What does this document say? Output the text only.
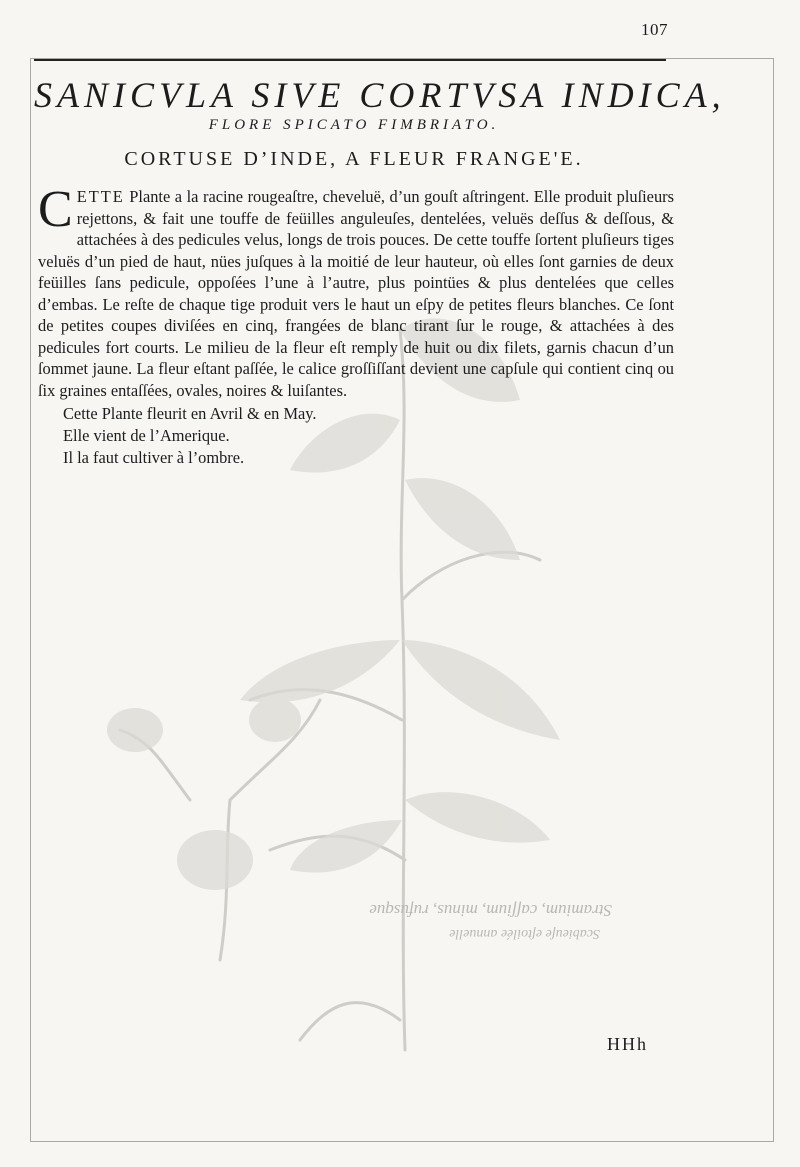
Stramium, caſſium, minus, rufusque
Scabieuſe eſtoilée annuelle
107
SANICVLA SIVE CORTVSA INDICA,
FLORE SPICATO FIMBRIATO.
CORTUSE D’INDE, A FLEUR FRANGE'E.

CETTE Plante a la racine rougeaſtre, cheveluë, d’un gouſt aſtringent. Elle produit pluſieurs rejettons, & fait une touffe de feüilles anguleuſes, dentelées, veluës deſſus & deſſous, & attachées à des pedicules velus, longs de trois pouces. De cette touffe ſortent pluſieurs tiges veluës d’un pied de haut, nües juſques à la moitié de leur hauteur, où elles ſont garnies de deux feüilles ſans pedicule, oppoſées l’une à l’autre, plus pointües & plus dentelées que celles d’embas. Le reſte de chaque tige produit vers le haut un eſpy de petites fleurs blanches. Ce ſont de petites coupes diviſées en cinq, frangées de blanc tirant ſur le rouge, & attachées à des pedicules fort courts. Le milieu de la fleur eſt remply de huit ou dix filets, garnis chacun d’un ſommet jaune. La fleur eſtant paſſée, le calice groſſiſſant devient une capſule qui contient cinq ou ſix graines entaſſées, ovales, noires & luiſantes.

Cette Plante fleurit en Avril & en May.
Elle vient de l’Amerique.
Il la faut cultiver à l’ombre.
HHh
